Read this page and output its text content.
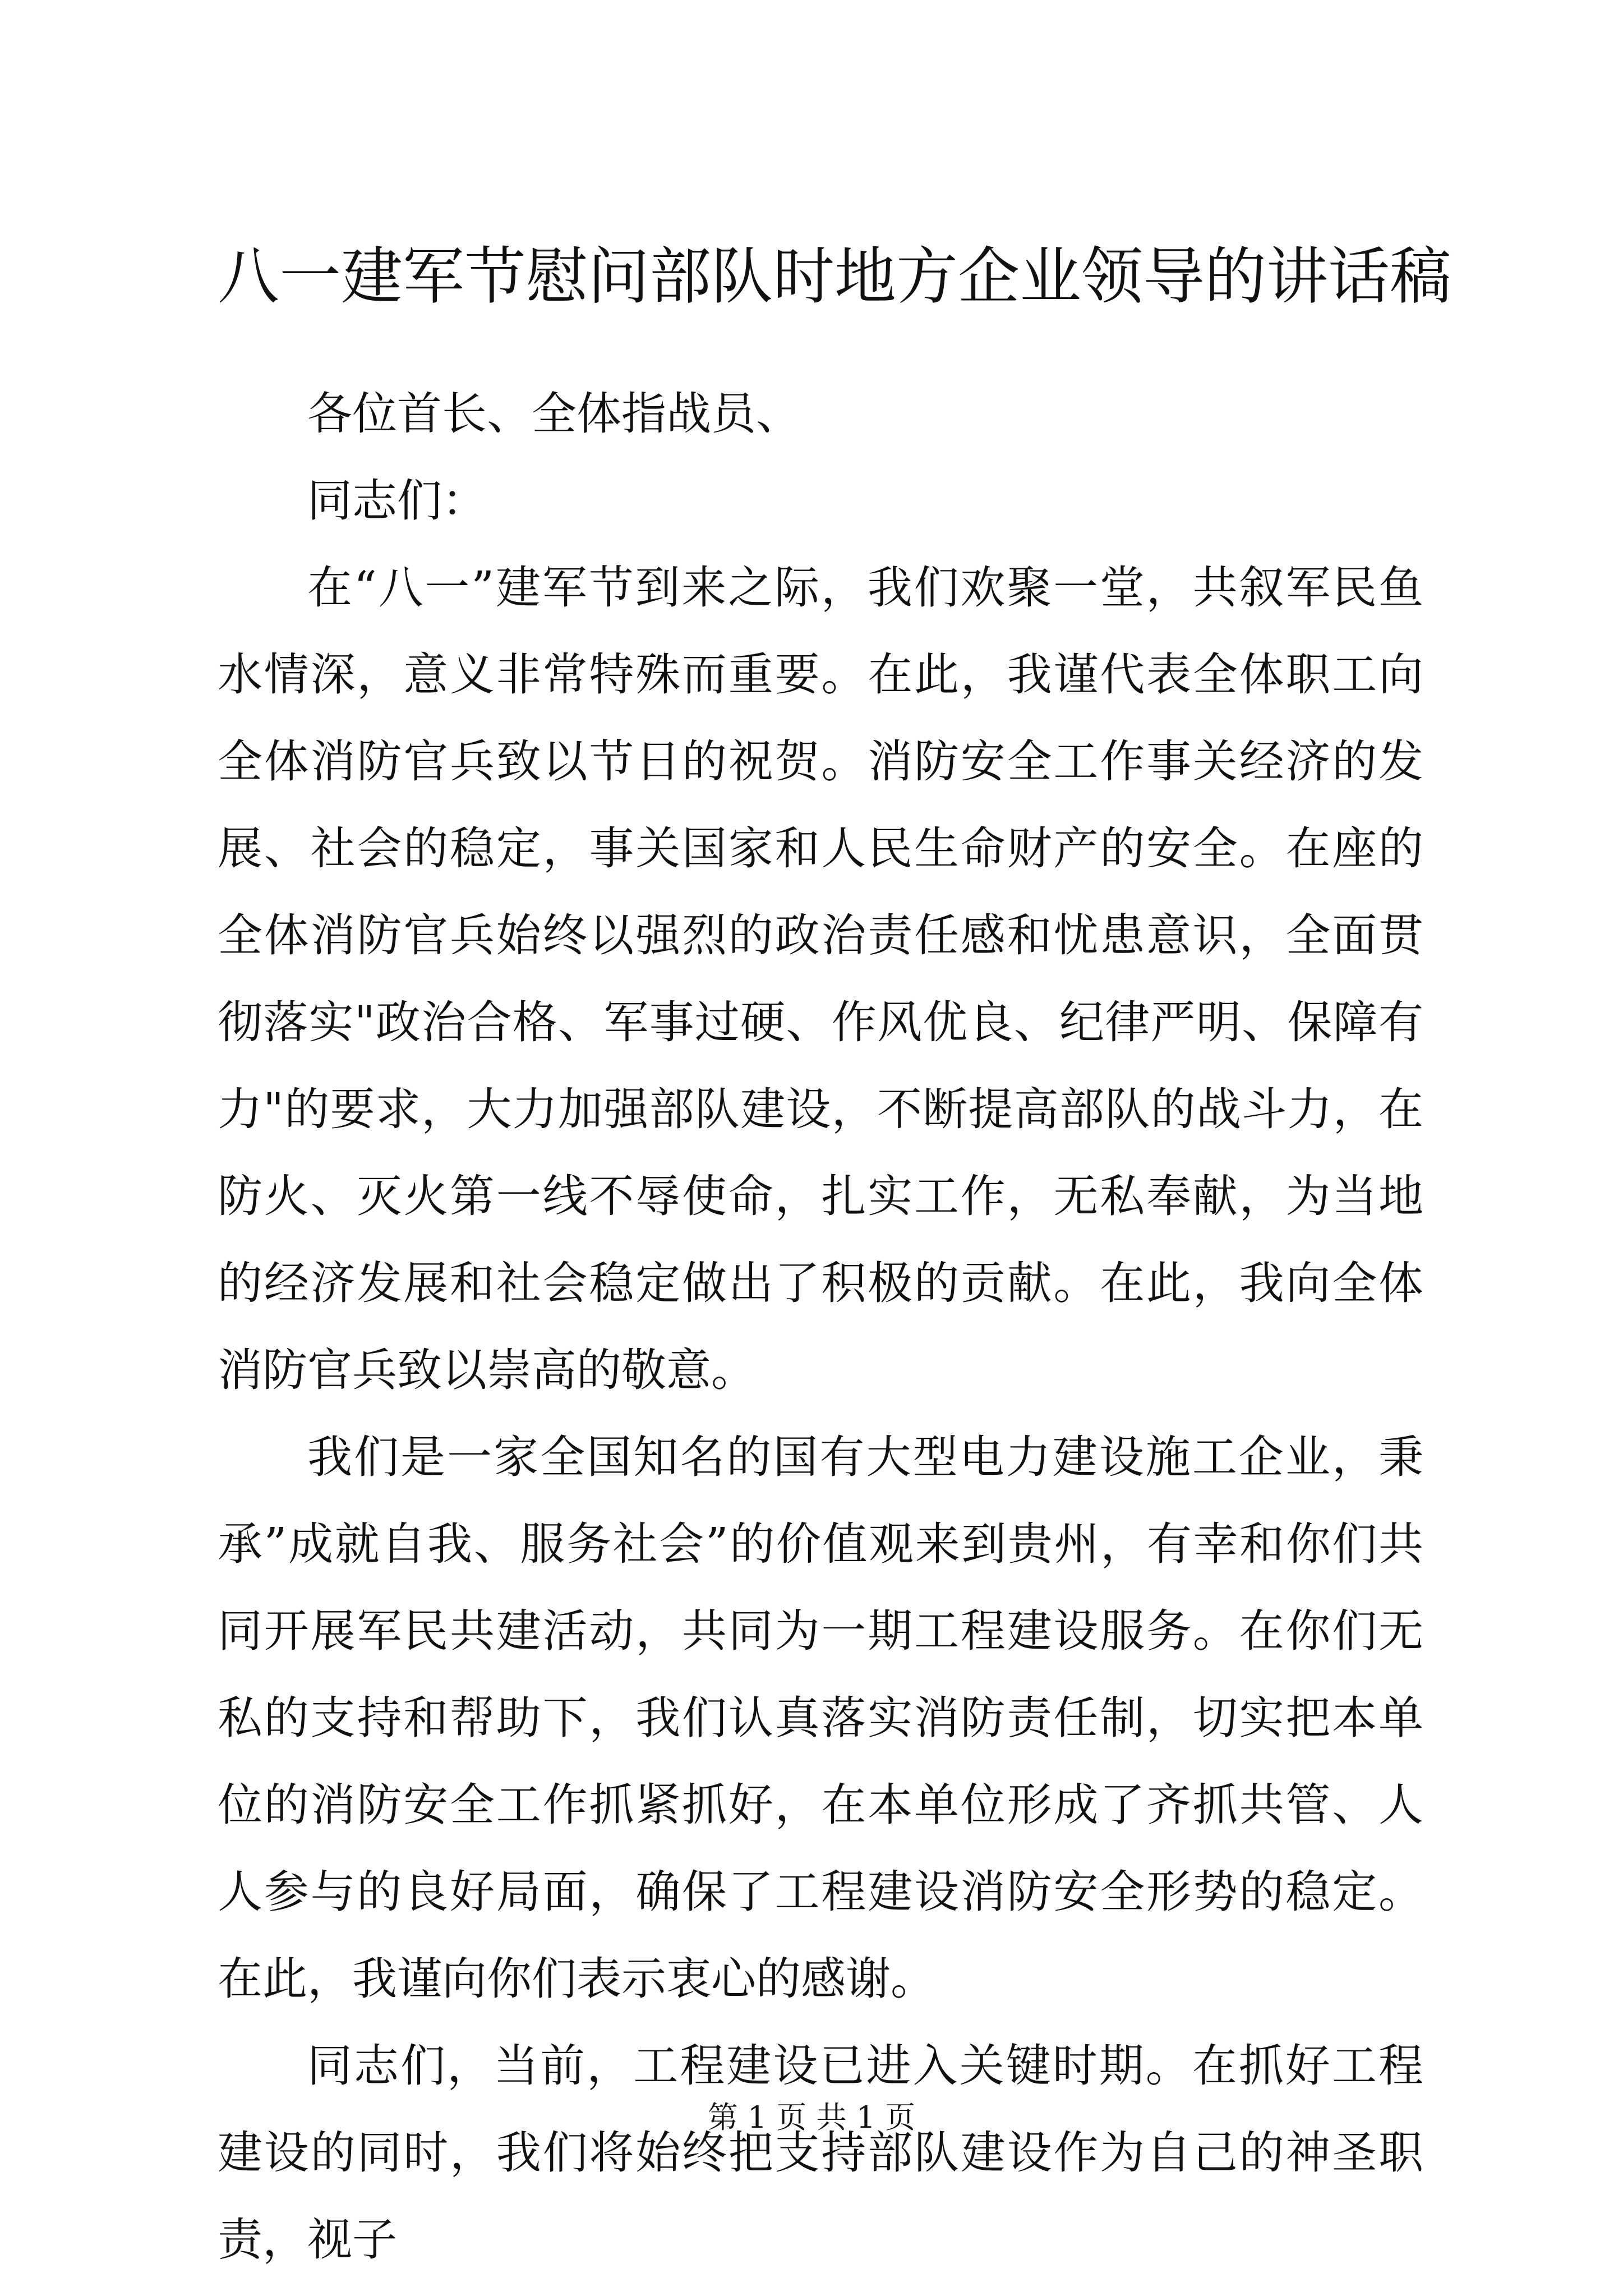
八一建军节慰问部队时地方企业领导的讲话稿

各位首长、全体指战员、

同志们：

在“八一”建军节到来之际，我们欢聚一堂，共叙军民鱼水情深，意义非常特殊而重要。在此，我谨代表全体职工向全体消防官兵致以节日的祝贺。消防安全工作事关经济的发展、社会的稳定，事关国家和人民生命财产的安全。在座的全体消防官兵始终以强烈的政治责任感和忧患意识，全面贯彻落实"政治合格、军事过硬、作风优良、纪律严明、保障有力"的要求，大力加强部队建设，不断提高部队的战斗力，在防火、灭火第一线不辱使命，扎实工作，无私奉献，为当地的经济发展和社会稳定做出了积极的贡献。在此，我向全体消防官兵致以崇高的敬意。

我们是一家全国知名的国有大型电力建设施工企业，秉承”成就自我、服务社会”的价值观来到贵州，有幸和你们共同开展军民共建活动，共同为一期工程建设服务。在你们无私的支持和帮助下，我们认真落实消防责任制，切实把本单位的消防安全工作抓紧抓好，在本单位形成了齐抓共管、人人参与的良好局面，确保了工程建设消防安全形势的稳定。在此，我谨向你们表示衷心的感谢。

同志们，当前，工程建设已进入关键时期。在抓好工程建设的同时，我们将始终把支持部队建设作为自己的神圣职责，视子

第 1 页 共 1 页
